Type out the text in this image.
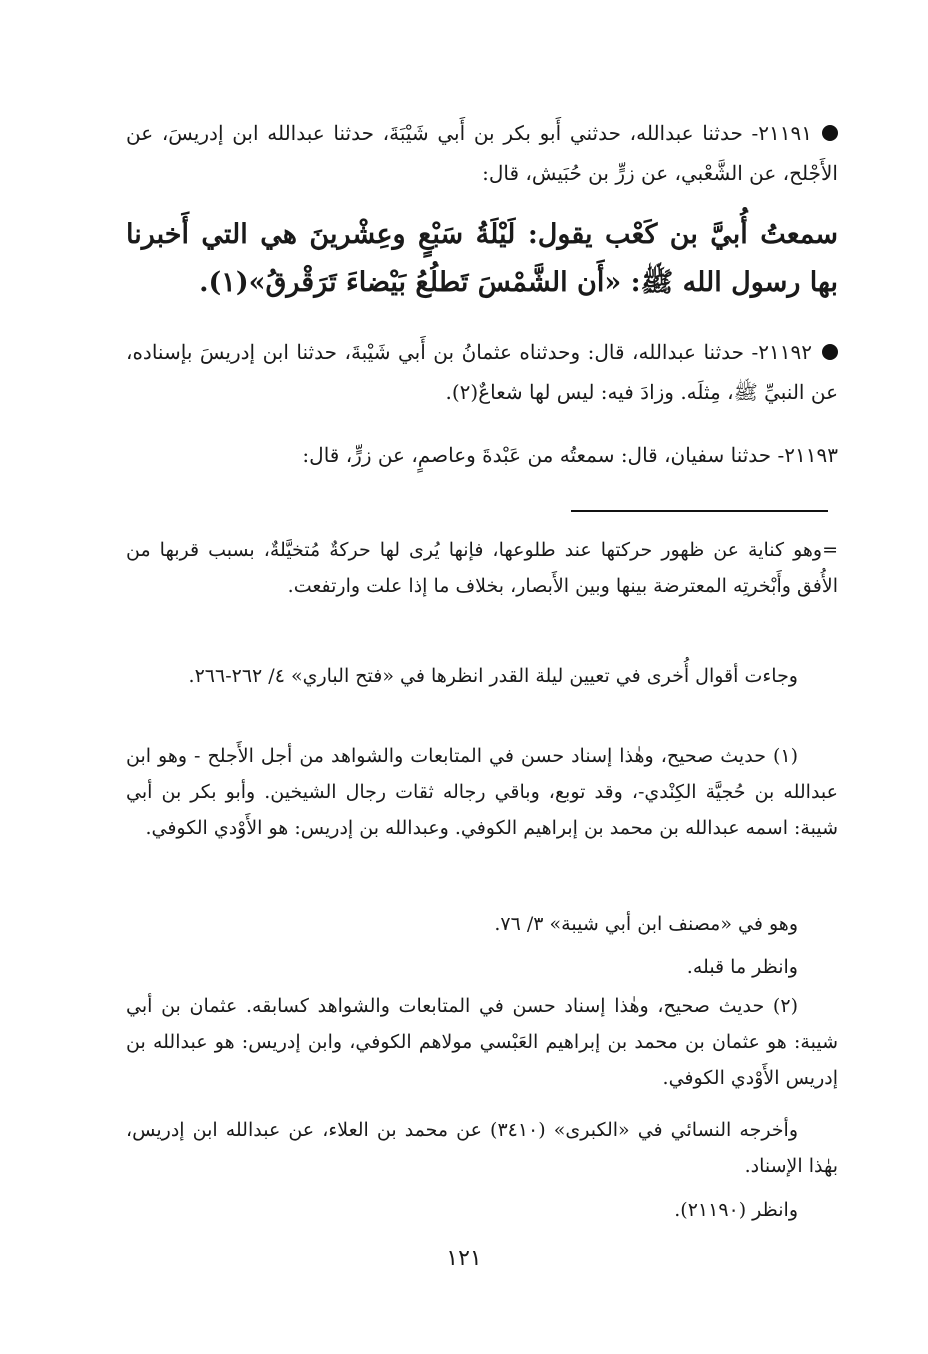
٢١١٩١- حدثنا عبدالله، حدثني أَبو بكر بن أَبي شَيْبَةَ، حدثنا عبدالله ابن إدريسَ، عن الأَجْلح، عن الشَّعْبي، عن زرٍّ بن حُبَيش، قال:

سمعتُ أُبيَّ بن كَعْب يقول: لَيْلَةُ سَبْعٍ وعِشْرينَ هي التي أَخبرنا بها رسول الله ﷺ: «أَن الشَّمْسَ تَطلُعُ بَيْضاءَ تَرَقْرقُ»(١).

٢١١٩٢- حدثنا عبدالله، قال: وحدثناه عثمانُ بن أَبي شَيْبةَ، حدثنا ابن إدريسَ بإسناده، عن النبيِّ ﷺ، مِثلَه. وزادَ فيه: ليس لها شعاعٌ(٢).

٢١١٩٣- حدثنا سفيان، قال: سمعتُه من عَبْدةَ وعاصمٍ، عن زرٍّ، قال:

=وهو كناية عن ظهور حركتها عند طلوعها، فإنها يُرى لها حركةٌ مُتخيَّلةٌ، بسبب قربها من الأُفق وأَبْخرتِه المعترضة بينها وبين الأَبصار، بخلاف ما إذا علت وارتفعت.

وجاءت أقوال أُخرى في تعيين ليلة القدر انظرها في «فتح الباري» ٤/ ٢٦٢-٢٦٦.

(١) حديث صحيح، وهٰذا إسناد حسن في المتابعات والشواهد من أجل الأَجلح - وهو ابن عبدالله بن حُجيَّة الكِنْدي-، وقد توبع، وباقي رجاله ثقات رجال الشيخين. وأبو بكر بن أبي شيبة: اسمه عبدالله بن محمد بن إبراهيم الكوفي. وعبدالله بن إدريس: هو الأَوْدي الكوفي.

وهو في «مصنف ابن أبي شيبة» ٣/ ٧٦.

وانظر ما قبله.

(٢) حديث صحيح، وهٰذا إسناد حسن في المتابعات والشواهد كسابقه. عثمان بن أبي شيبة: هو عثمان بن محمد بن إبراهيم العَبْسي مولاهم الكوفي، وابن إدريس: هو عبدالله بن إدريس الأَوْدي الكوفي.

وأخرجه النسائي في «الكبرى» (٣٤١٠) عن محمد بن العلاء، عن عبدالله ابن إدريس، بهٰذا الإسناد.

وانظر (٢١١٩٠).

١٢١
